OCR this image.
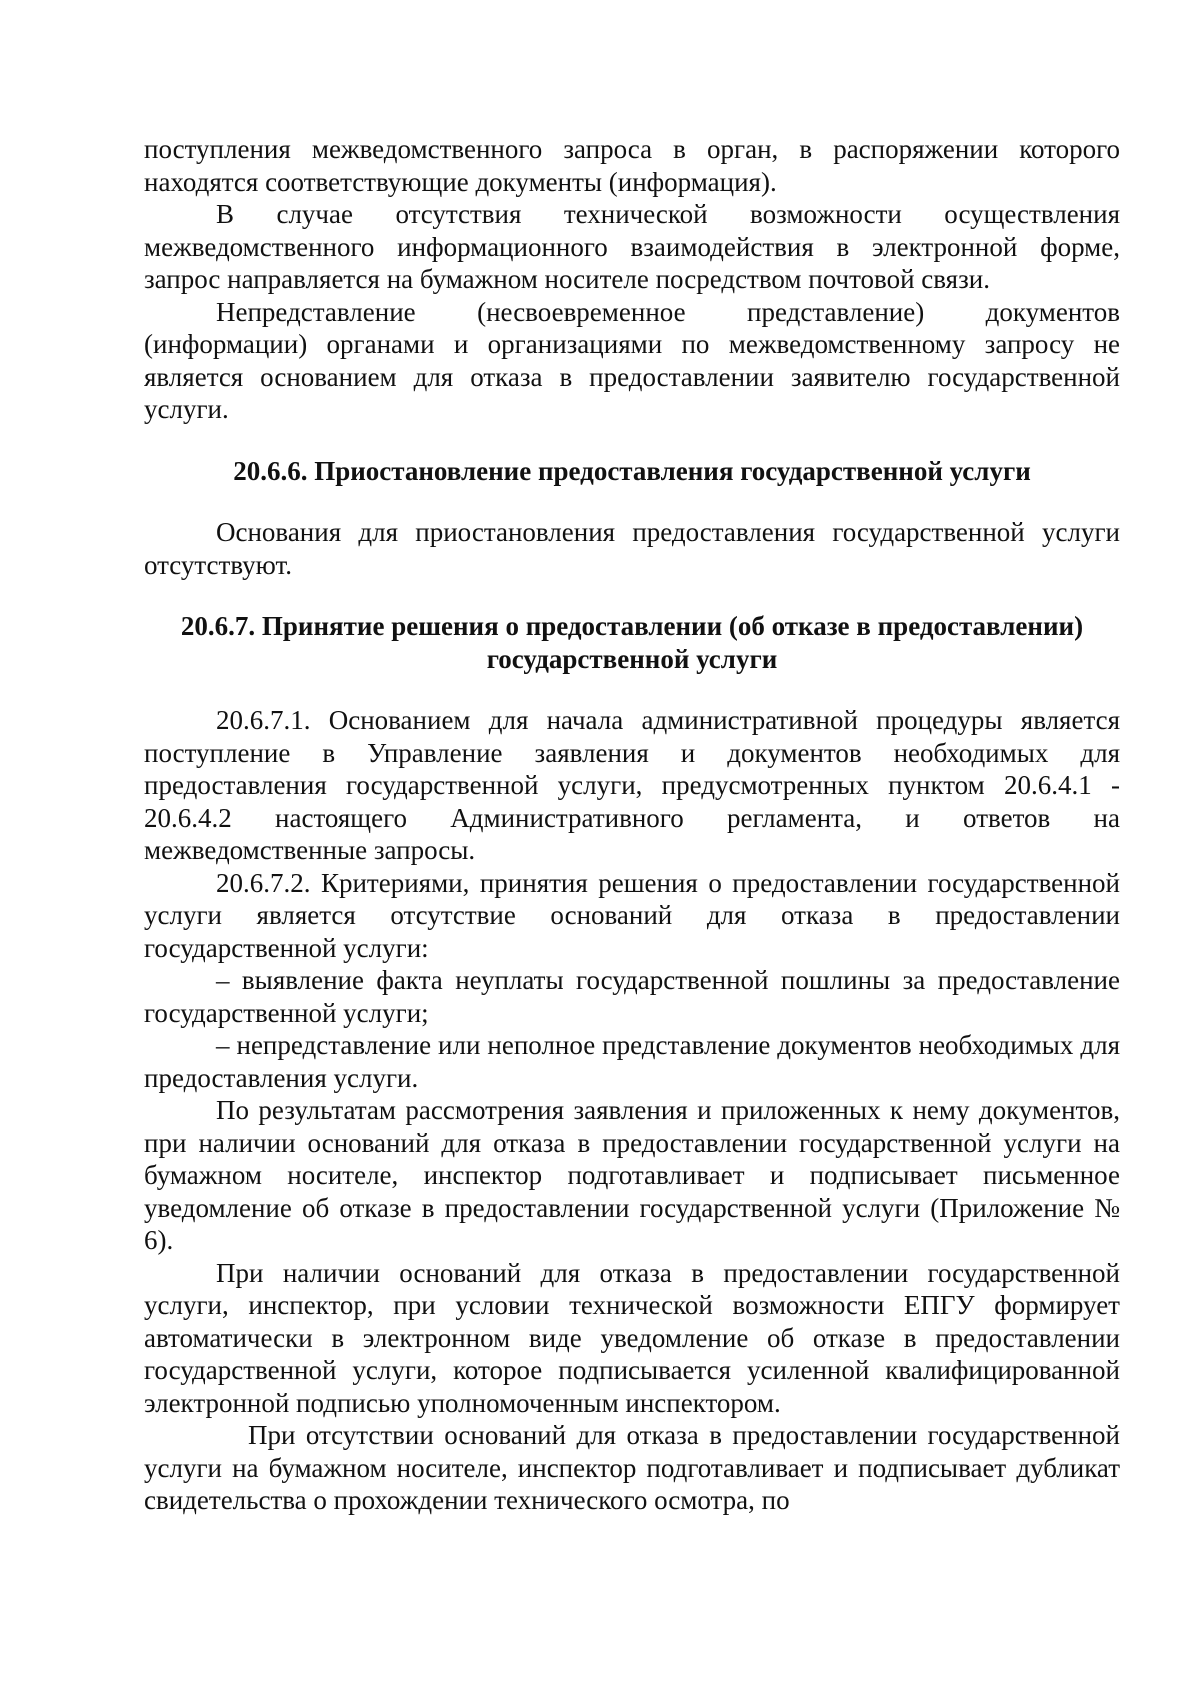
поступления межведомственного запроса в орган, в распоряжении которого находятся соответствующие документы (информация).

В случае отсутствия технической возможности осуществления межведомственного информационного взаимодействия в электронной форме, запрос направляется на бумажном носителе посредством почтовой связи.

Непредставление (несвоевременное представление) документов (информации) органами и организациями по межведомственному запросу не является основанием для отказа в предоставлении заявителю государственной услуги.

20.6.6. Приостановление предоставления государственной услуги

Основания для приостановления предоставления государственной услуги отсутствуют.

20.6.7. Принятие решения о предоставлении (об отказе в предоставлении)

государственной услуги

20.6.7.1. Основанием для начала административной процедуры является поступление в Управление заявления и документов необходимых для предоставления государственной услуги, предусмотренных пунктом 20.6.4.1 - 20.6.4.2 настоящего Административного регламента, и ответов на межведомственные запросы.

20.6.7.2. Критериями, принятия решения о предоставлении государственной услуги является отсутствие оснований для отказа в предоставлении государственной услуги:

– выявление факта неуплаты государственной пошлины за предоставление государственной услуги;

– непредставление или неполное представление документов необходимых для предоставления услуги.

По результатам рассмотрения заявления и приложенных к нему документов, при наличии оснований для отказа в предоставлении государственной услуги на бумажном носителе, инспектор подготавливает и подписывает письменное уведомление об отказе в предоставлении государственной услуги (Приложение № 6).

При наличии оснований для отказа в предоставлении государственной услуги, инспектор, при условии технической возможности ЕПГУ формирует автоматически в электронном виде уведомление об отказе в предоставлении государственной услуги, которое подписывается усиленной квалифицированной электронной подписью уполномоченным инспектором.

При отсутствии оснований для отказа в предоставлении государственной услуги на бумажном носителе, инспектор подготавливает и подписывает дубликат свидетельства о прохождении технического осмотра, по
